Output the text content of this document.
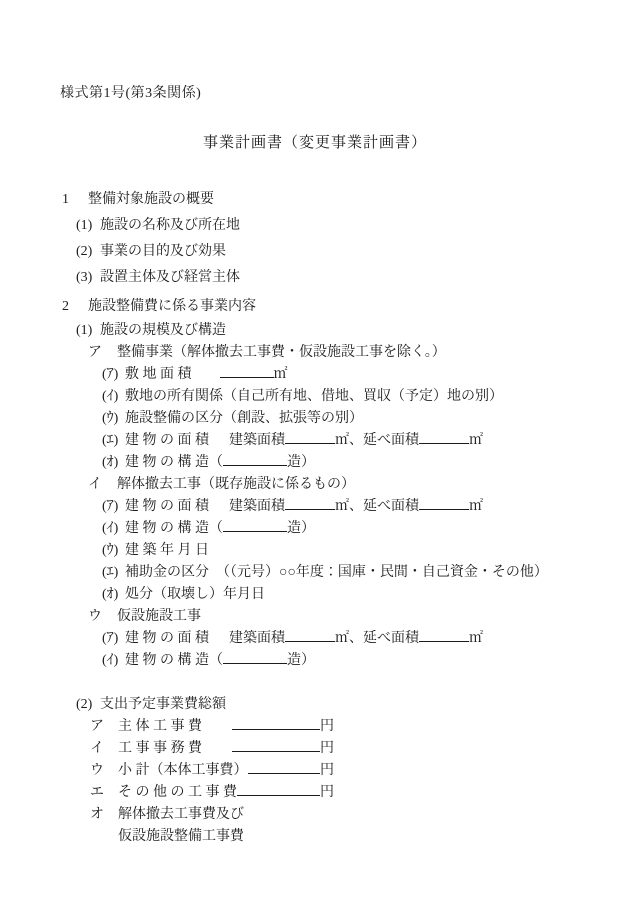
様式第1号(第3条関係)
事業計画書（変更事業計画書）
1 整備対象施設の概要
(1) 施設の名称及び所在地
(2) 事業の目的及び効果
(3) 設置主体及び経営主体
2 施設整備費に係る事業内容
(1) 施設の規模及び構造
ア 整備事業（解体撤去工事費・仮設施設工事を除く。）
(ｱ) 敷 地 面 積	㎡
(ｲ) 敷地の所有関係（自己所有地、借地、買収（予定）地の別）
(ｳ) 施設整備の区分（創設、拡張等の別）
(ｴ) 建 物 の 面 積 建築面積	㎡、延べ面積	㎡
(ｵ) 建 物 の 構 造（	造）
イ 解体撤去工事（既存施設に係るもの）
(ｱ) 建 物 の 面 積 建築面積	㎡、延べ面積	㎡
(ｲ) 建 物 の 構 造（	造）
(ｳ) 建 築 年 月 日
(ｴ) 補助金の区分　（（元号）○○年度：国庫・民間・自己資金・その他）
(ｵ) 処分（取壊し）年月日
ウ 仮設施設工事
(ｱ) 建 物 の 面 積 建築面積	㎡、延べ面積	㎡
(ｲ) 建 物 の 構 造（	造）
(2) 支出予定事業費総額
ア	主 体 工 事 費	円
イ	工 事 事 務 費	円
ウ	小 計（本体工事費）	円
エ	そ の 他 の 工 事 費	円
オ	解体撤去工事費及び
仮設施設整備工事費
